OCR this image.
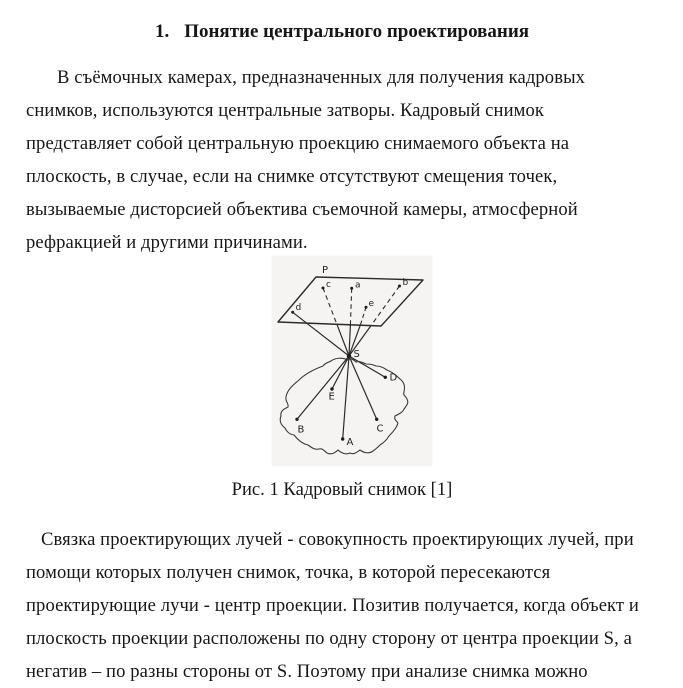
1. Понятие центрального проектирования
В съёмочных камерах, предназначенных для получения кадровых
снимков, используются центральные затворы. Кадровый снимок
представляет собой центральную проекцию снимаемого объекта на
плоскость, в случае, если на снимке отсутствуют смещения точек,
вызываемые дисторсией объектива съемочной камеры, атмосферной
рефракцией и другими причинами.
P
S
c	a	b
d	e
D
E
B
A
C
Рис. 1 Кадровый снимок [1]
Связка проектирующих лучей - совокупность проектирующих лучей, при
помощи которых получен снимок, точка, в которой пересекаются
проектирующие лучи - центр проекции. Позитив получается, когда объект и
плоскость проекции расположены по одну сторону от центра проекции S, а
негатив – по разны стороны от S. Поэтому при анализе снимка можно
